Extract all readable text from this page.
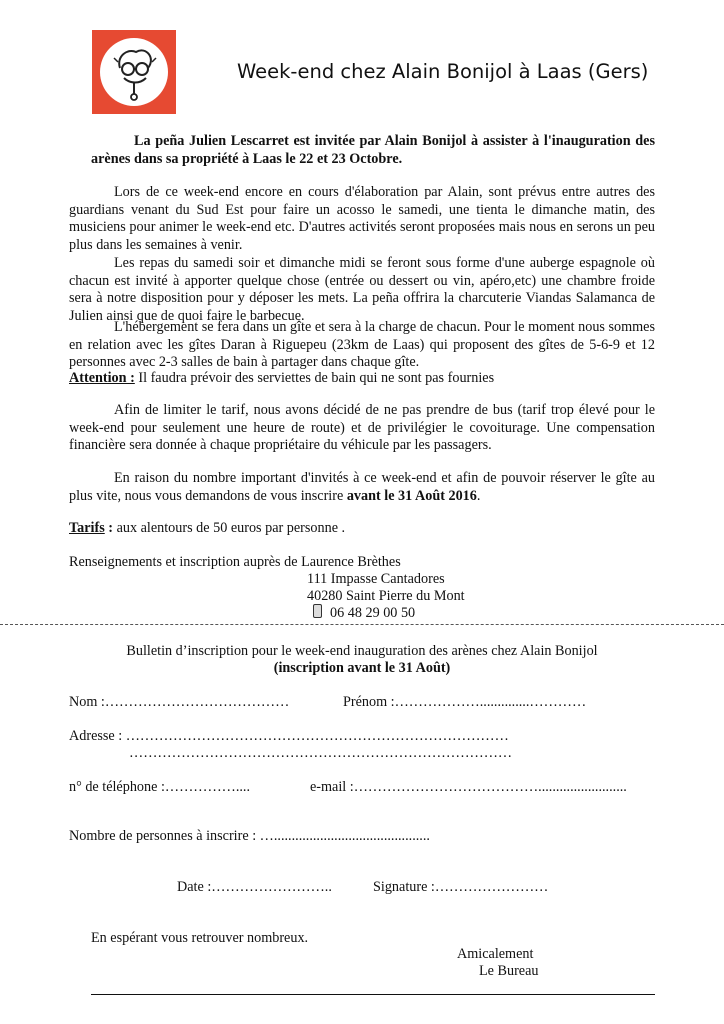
Week-end chez Alain Bonijol à Laas (Gers)
La peña Julien Lescarret est invitée par Alain Bonijol à assister à l'inauguration des arènes dans sa propriété à Laas le 22 et 23 Octobre.
Lors de ce week-end encore en cours d'élaboration par Alain, sont prévus entre autres des guardians venant du Sud Est pour faire un acosso le samedi, une tienta le dimanche matin, des musiciens pour animer le week-end etc. D'autres activités seront proposées mais nous en serons un peu plus dans les semaines à venir.
Les repas du samedi soir et dimanche midi se feront sous forme d'une auberge espagnole où chacun est invité à apporter quelque chose (entrée ou dessert ou vin, apéro,etc) une chambre froide sera à notre disposition pour y déposer les mets. La peña offrira la charcuterie Viandas Salamanca de Julien ainsi que de quoi faire le barbecue.
L'hébergement se fera dans un gîte et sera à la charge de chacun. Pour le moment nous sommes en relation avec les gîtes Daran à Riguepeu (23km de Laas) qui proposent des gîtes de 5-6-9 et 12 personnes avec 2-3 salles de bain à partager dans chaque gîte.
Attention : Il faudra prévoir des serviettes de bain qui ne sont pas fournies
Afin de limiter le tarif, nous avons décidé de ne pas prendre de bus (tarif trop élevé pour le week-end pour seulement une heure de route) et de privilégier le covoiturage. Une compensation financière sera donnée à chaque propriétaire du véhicule par les passagers.
En raison du nombre important d'invités à ce week-end et afin de pouvoir réserver le gîte au plus vite, nous vous demandons de vous inscrire avant le 31 Août 2016.
Tarifs : aux alentours de 50 euros par personne .
Renseignements et inscription auprès de Laurence Brèthes
111 Impasse Cantadores
40280 Saint Pierre du Mont
06 48 29 00 50
Bulletin d’inscription pour le week-end inauguration des arènes chez Alain Bonijol
(inscription avant le 31 Août)
Nom :…………………………………	Prénom :………………..............…………
Adresse : ………………………………………………………………………
………………………………………………………………………
n° de téléphone :……………....	e-mail :………………………………….........................
Nombre de personnes à inscrire : …............................................
Date :……………………..	Signature :……………………
En espérant vous retrouver nombreux.
Amicalement
Le Bureau
